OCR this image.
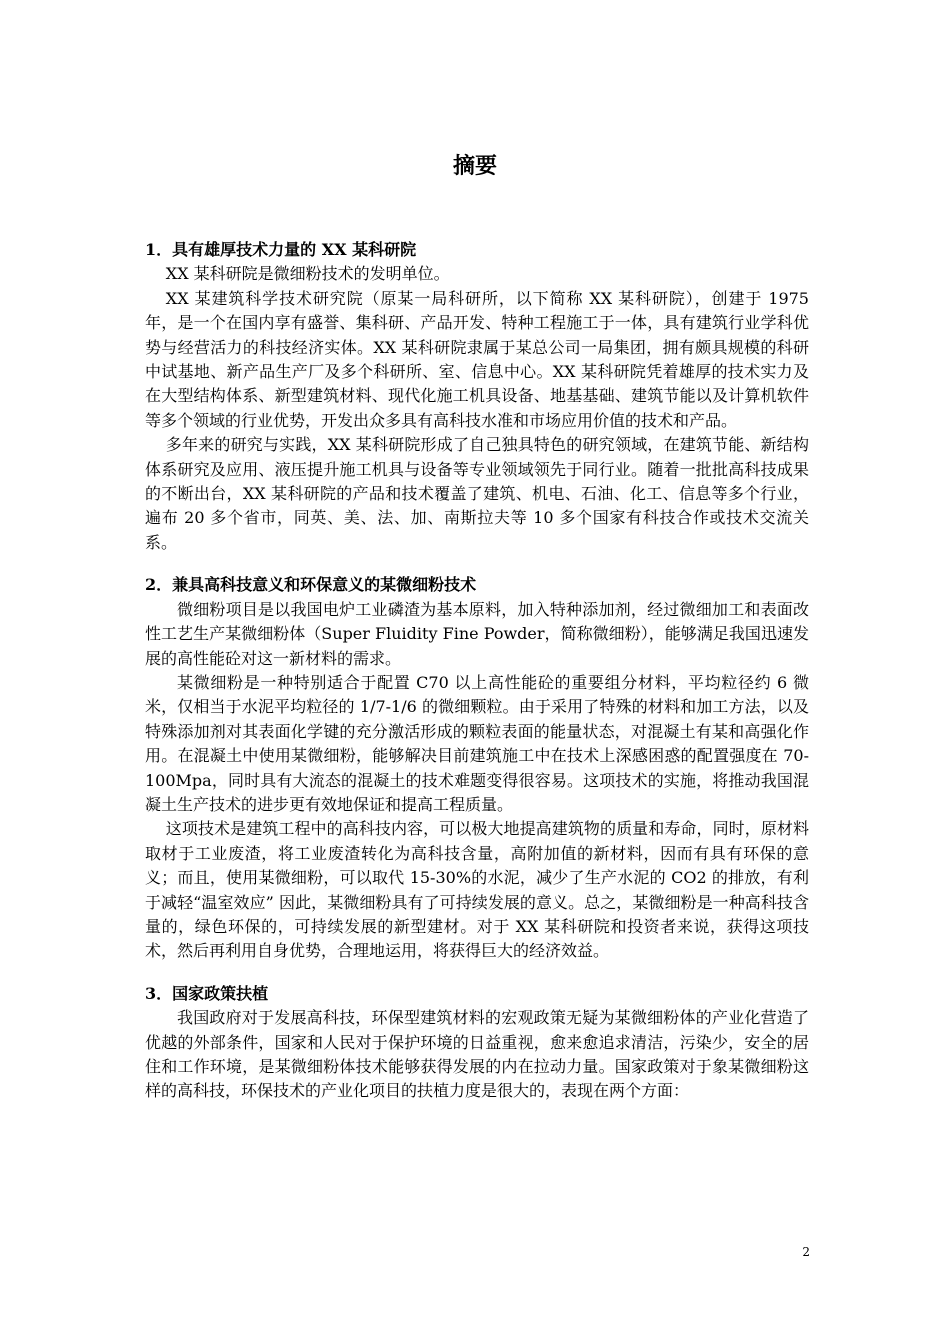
摘要

1．具有雄厚技术力量的 XX 某科研院

XX 某科研院是微细粉技术的发明单位。

XX 某建筑科学技术研究院（原某一局科研所，以下简称 XX 某科研院），创建于 1975 年，是一个在国内享有盛誉、集科研、产品开发、特种工程施工于一体，具有建筑行业学科优势与经营活力的科技经济实体。XX 某科研院隶属于某总公司一局集团，拥有颇具规模的科研中试基地、新产品生产厂及多个科研所、室、信息中心。XX 某科研院凭着雄厚的技术实力及在大型结构体系、新型建筑材料、现代化施工机具设备、地基基础、建筑节能以及计算机软件等多个领域的行业优势，开发出众多具有高科技水准和市场应用价值的技术和产品。

多年来的研究与实践，XX 某科研院形成了自己独具特色的研究领域，在建筑节能、新结构体系研究及应用、液压提升施工机具与设备等专业领域领先于同行业。随着一批批高科技成果的不断出台，XX 某科研院的产品和技术覆盖了建筑、机电、石油、化工、信息等多个行业，遍布 20 多个省市，同英、美、法、加、南斯拉夫等 10 多个国家有科技合作或技术交流关系。

2．兼具高科技意义和环保意义的某微细粉技术

微细粉项目是以我国电炉工业磷渣为基本原料，加入特种添加剂，经过微细加工和表面改性工艺生产某微细粉体（Super Fluidity Fine Powder，简称微细粉），能够满足我国迅速发展的高性能砼对这一新材料的需求。

某微细粉是一种特别适合于配置 C70 以上高性能砼的重要组分材料，平均粒径约 6 微米，仅相当于水泥平均粒径的 1/7-1/6 的微细颗粒。由于采用了特殊的材料和加工方法，以及特殊添加剂对其表面化学键的充分激活形成的颗粒表面的能量状态，对混凝土有某和高强化作用。在混凝土中使用某微细粉，能够解决目前建筑施工中在技术上深感困惑的配置强度在 70-100Mpa，同时具有大流态的混凝土的技术难题变得很容易。这项技术的实施，将推动我国混凝土生产技术的进步更有效地保证和提高工程质量。

这项技术是建筑工程中的高科技内容，可以极大地提高建筑物的质量和寿命，同时，原材料取材于工业废渣，将工业废渣转化为高科技含量，高附加值的新材料，因而有具有环保的意义；而且，使用某微细粉，可以取代 15-30%的水泥，减少了生产水泥的 CO2 的排放，有利于减轻“温室效应” 因此，某微细粉具有了可持续发展的意义。总之，某微细粉是一种高科技含量的，绿色环保的，可持续发展的新型建材。对于 XX 某科研院和投资者来说，获得这项技术，然后再利用自身优势，合理地运用，将获得巨大的经济效益。

3．国家政策扶植

我国政府对于发展高科技，环保型建筑材料的宏观政策无疑为某微细粉体的产业化营造了优越的外部条件，国家和人民对于保护环境的日益重视，愈来愈追求清洁，污染少，安全的居住和工作环境，是某微细粉体技术能够获得发展的内在拉动力量。国家政策对于象某微细粉这样的高科技，环保技术的产业化项目的扶植力度是很大的，表现在两个方面：

2
